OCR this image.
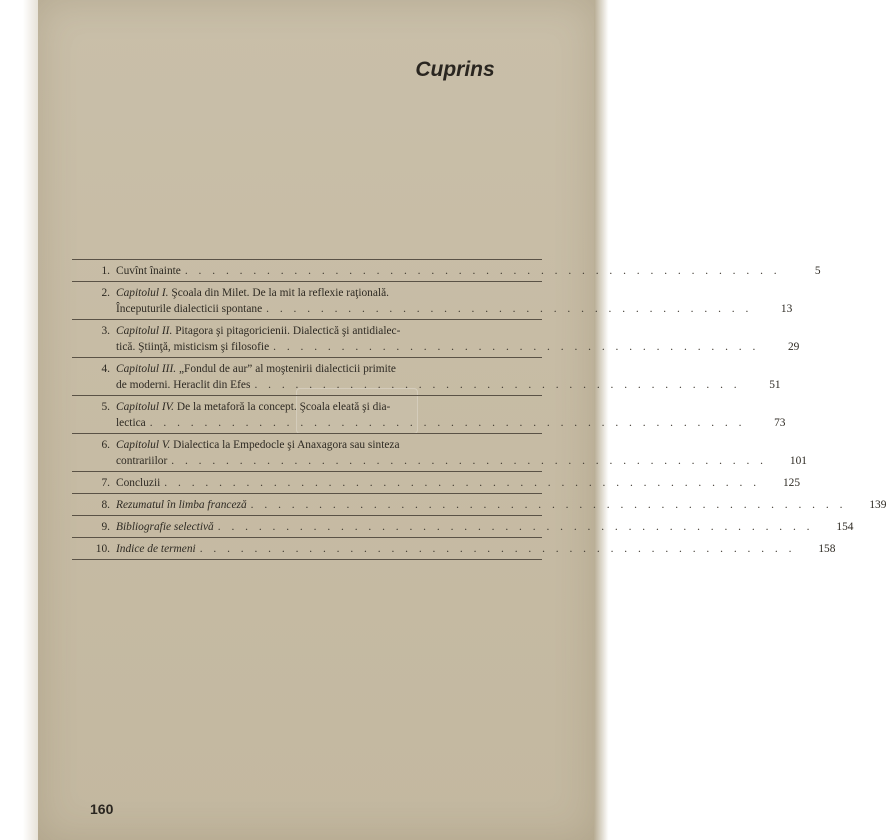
Cuprins
1. Cuvînt înainte . . . . . . . . . . . . . . . . . . . . . . . . . . . . . . . . . . . . . . . . . . . .	5
2. Capitolul I. Şcoala din Milet. De la mit la reflexie raţională.
Începuturile dialecticii spontane . . . . . . . . . . . . . . . . . . . . . . . . . . . . . . . . . . . .	13
3. Capitolul II. Pitagora şi pitagoricienii. Dialectică şi antidialec-
tică. Ştiinţă, misticism şi filosofie . . . . . . . . . . . . . . . . . . . . . . . . . . . . . . . . . . . .	29
4. Capitolul III. „Fondul de aur” al moştenirii dialecticii primite
de moderni. Heraclit din Efes . . . . . . . . . . . . . . . . . . . . . . . . . . . . . . . . . . . .	51
5. Capitolul IV. De la metaforă la concept. Şcoala eleată şi dia-
lectica . . . . . . . . . . . . . . . . . . . . . . . . . . . . . . . . . . . . . . . . . . . .	73
6. Capitolul V. Dialectica la Empedocle şi Anaxagora sau sinteza
contrariilor . . . . . . . . . . . . . . . . . . . . . . . . . . . . . . . . . . . . . . . . . . . .	101
7. Concluzii . . . . . . . . . . . . . . . . . . . . . . . . . . . . . . . . . . . . . . . . . . . .	125
8. Rezumatul în limba franceză . . . . . . . . . . . . . . . . . . . . . . . . . . . . . . . . . . . . . . . . . . . .	139
9. Bibliografie selectivă . . . . . . . . . . . . . . . . . . . . . . . . . . . . . . . . . . . . . . . . . . . .	154
10. Indice de termeni . . . . . . . . . . . . . . . . . . . . . . . . . . . . . . . . . . . . . . . . . . . .	158
160
